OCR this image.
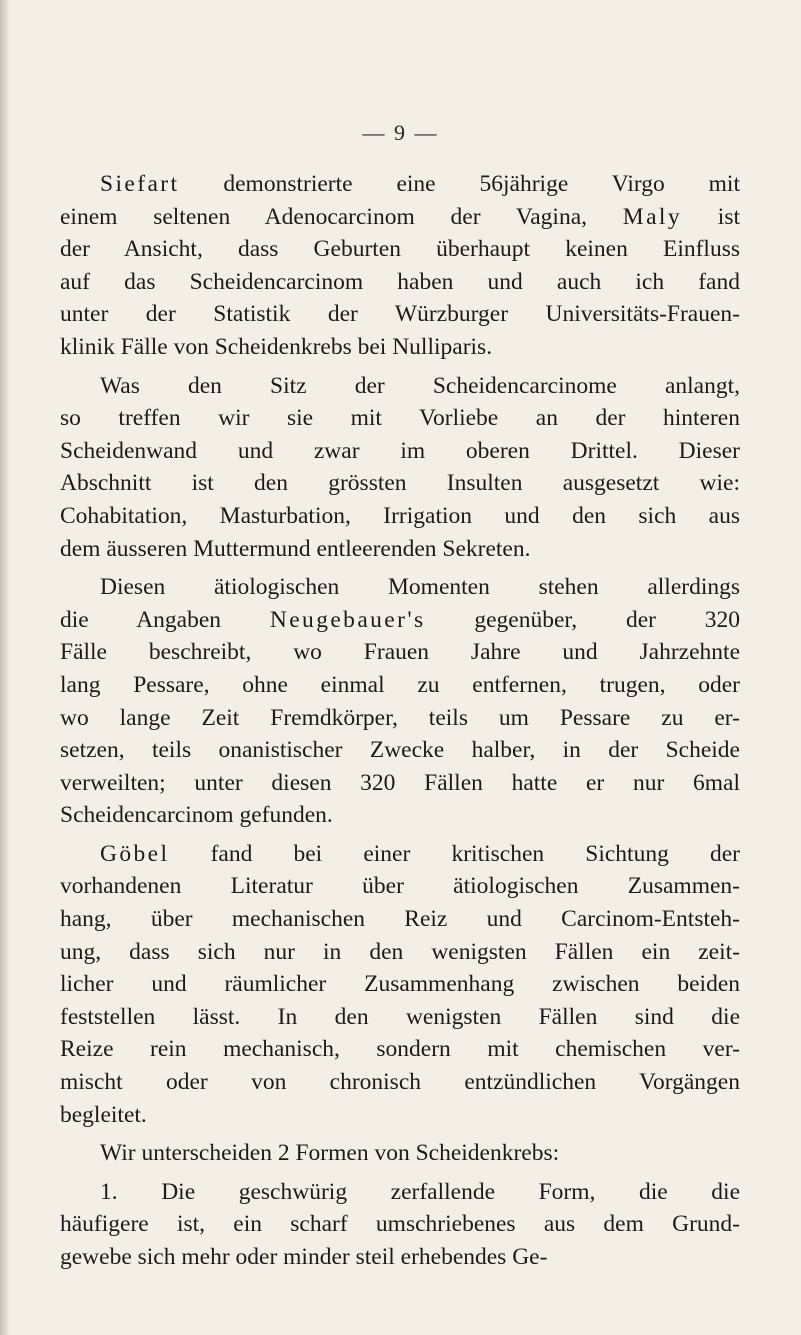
— 9 —
Siefart demonstrierte eine 56jährige Virgo mit
einem seltenen Adenocarcinom der Vagina, Maly ist
der Ansicht, dass Geburten überhaupt keinen Einfluss
auf das Scheidencarcinom haben und auch ich fand
unter der Statistik der Würzburger Universitäts-Frauen-
klinik Fälle von Scheidenkrebs bei Nulliparis.
Was den Sitz der Scheidencarcinome anlangt,
so treffen wir sie mit Vorliebe an der hinteren
Scheidenwand und zwar im oberen Drittel. Dieser
Abschnitt ist den grössten Insulten ausgesetzt wie:
Cohabitation, Masturbation, Irrigation und den sich aus
dem äusseren Muttermund entleerenden Sekreten.
Diesen ätiologischen Momenten stehen allerdings
die Angaben Neugebauer's gegenüber, der 320
Fälle beschreibt, wo Frauen Jahre und Jahrzehnte
lang Pessare, ohne einmal zu entfernen, trugen, oder
wo lange Zeit Fremdkörper, teils um Pessare zu er-
setzen, teils onanistischer Zwecke halber, in der Scheide
verweilten; unter diesen 320 Fällen hatte er nur 6mal
Scheidencarcinom gefunden.
Göbel fand bei einer kritischen Sichtung der
vorhandenen Literatur über ätiologischen Zusammen-
hang, über mechanischen Reiz und Carcinom-Entsteh-
ung, dass sich nur in den wenigsten Fällen ein zeit-
licher und räumlicher Zusammenhang zwischen beiden
feststellen lässt. In den wenigsten Fällen sind die
Reize rein mechanisch, sondern mit chemischen ver-
mischt oder von chronisch entzündlichen Vorgängen
begleitet.
Wir unterscheiden 2 Formen von Scheidenkrebs:
1. Die geschwürig zerfallende Form, die die
häufigere ist, ein scharf umschriebenes aus dem Grund-
gewebe sich mehr oder minder steil erhebendes Ge-
